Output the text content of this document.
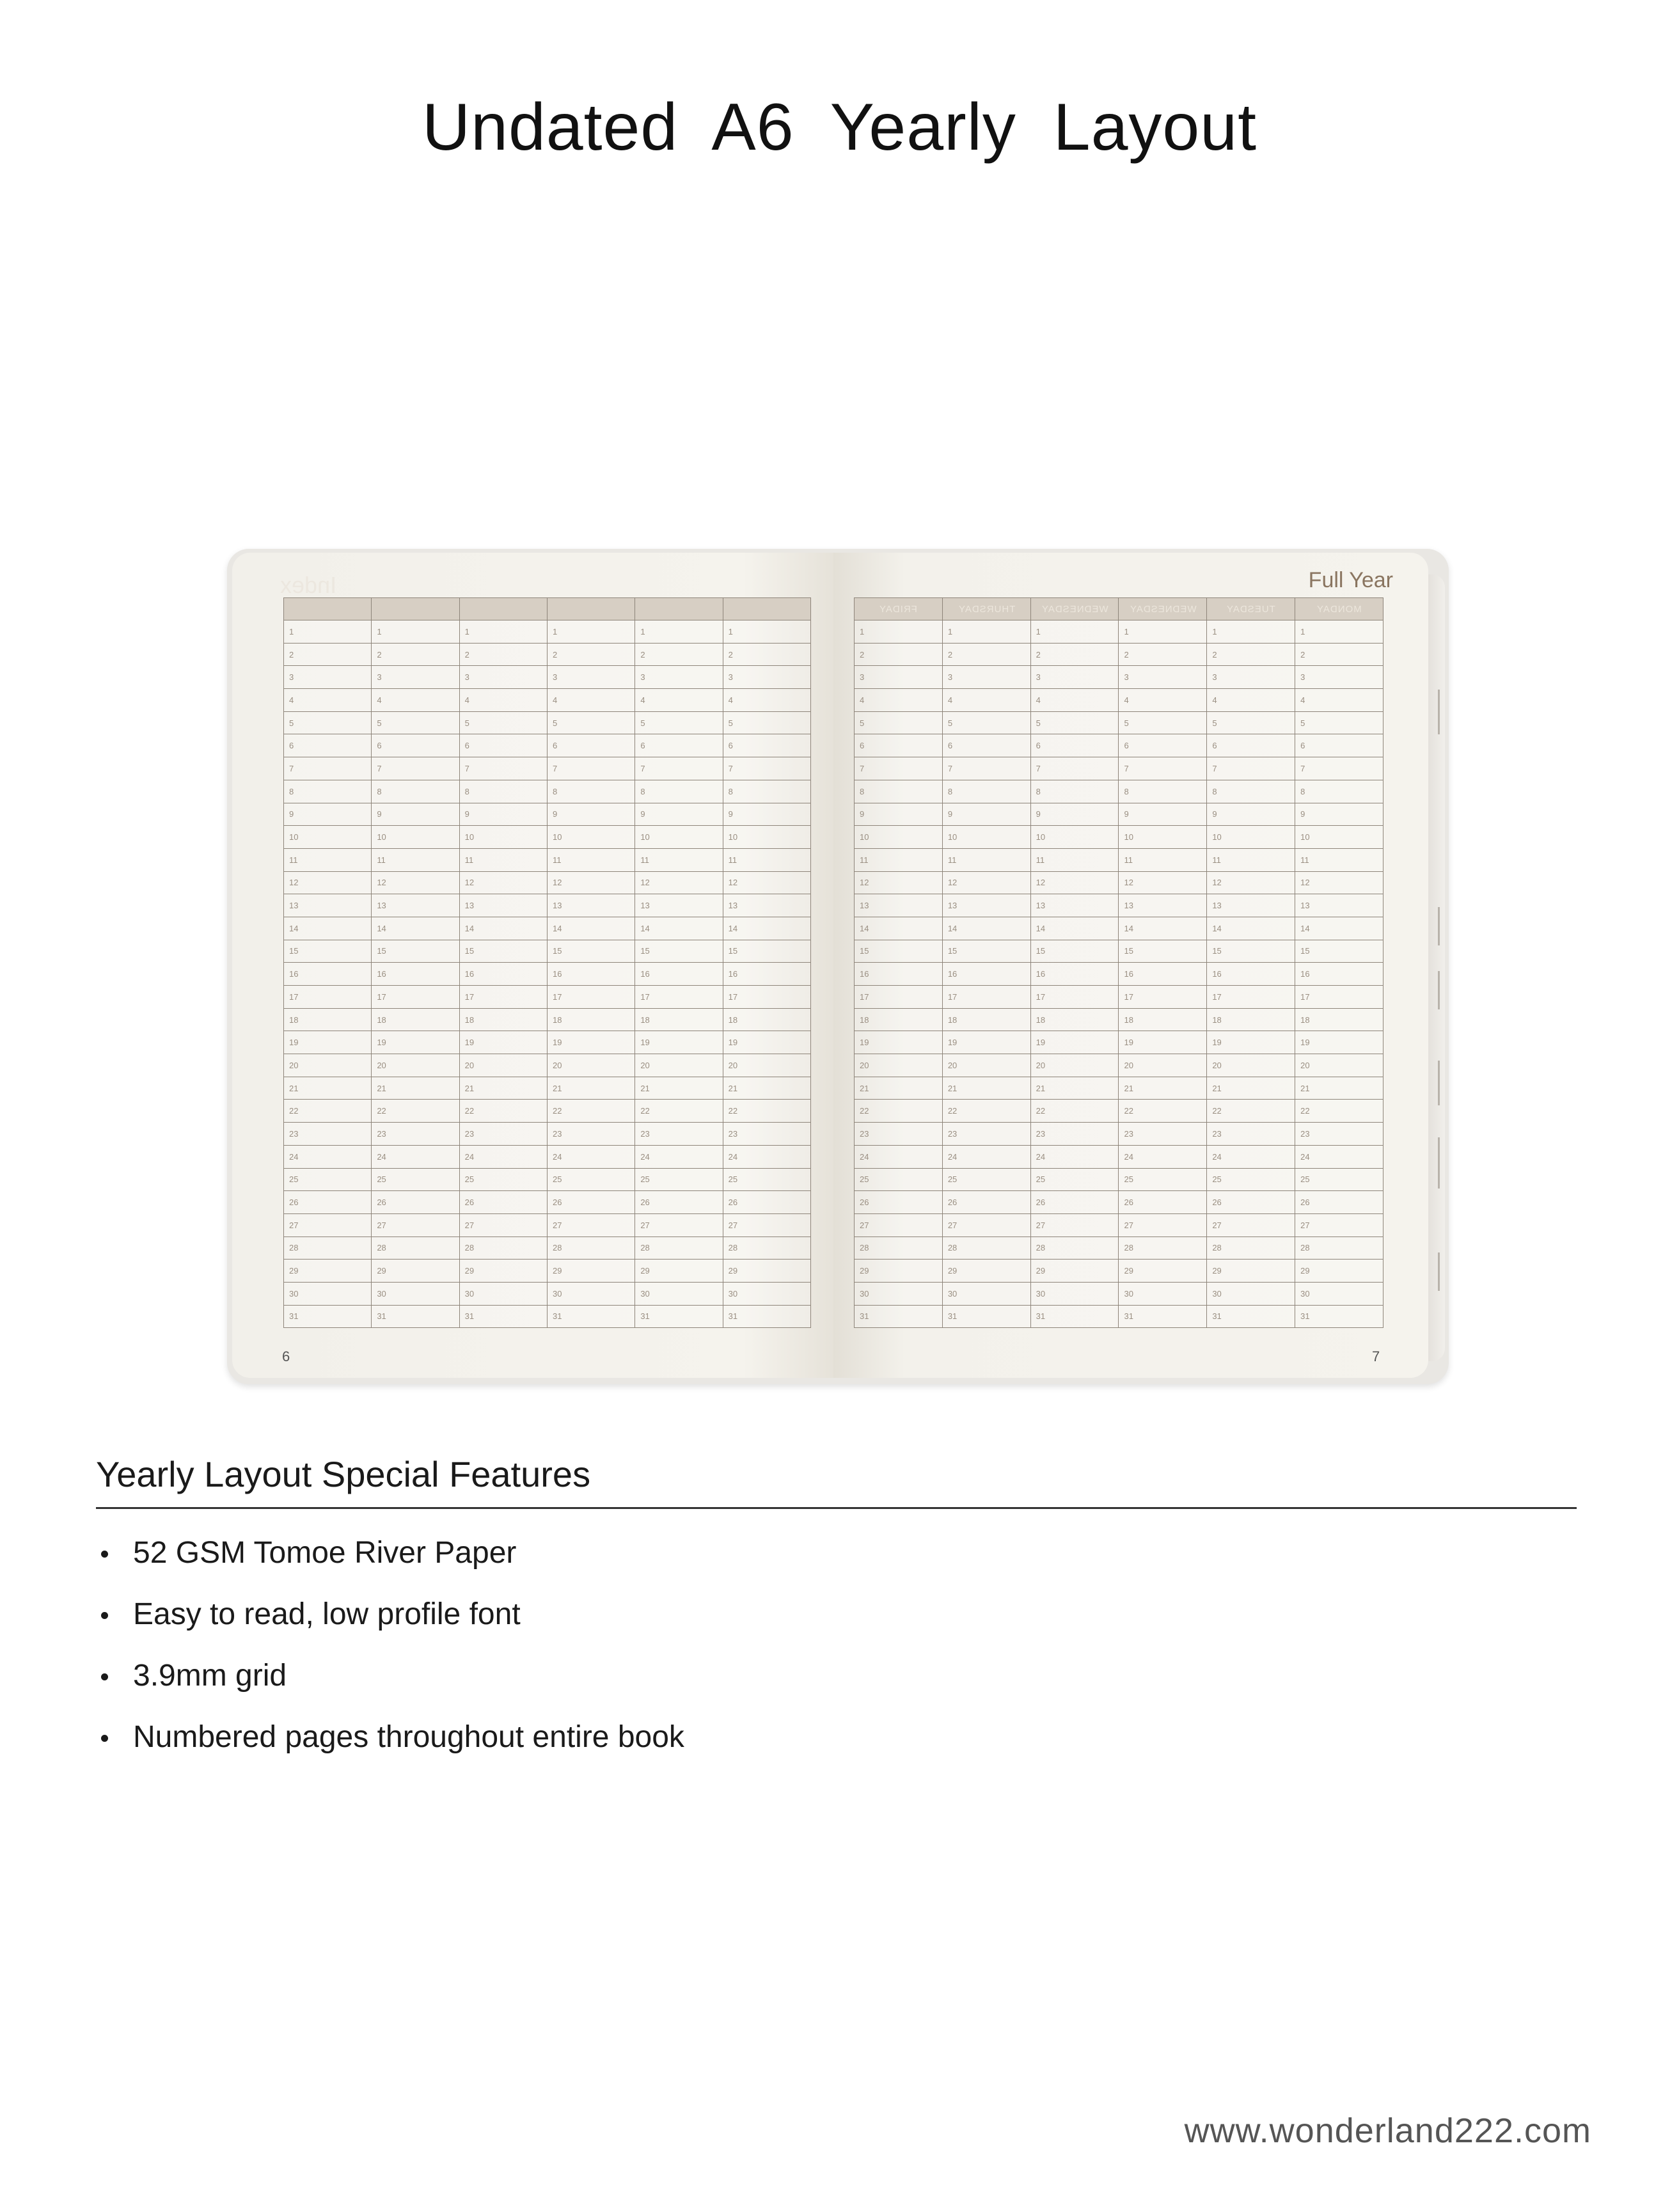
Undated A6 Yearly Layout
Index

1	1	1	1	1	1
2	2	2	2	2	2
3	3	3	3	3	3
4	4	4	4	4	4
5	5	5	5	5	5
6	6	6	6	6	6
7	7	7	7	7	7
8	8	8	8	8	8
9	9	9	9	9	9
10	10	10	10	10	10
11	11	11	11	11	11
12	12	12	12	12	12
13	13	13	13	13	13
14	14	14	14	14	14
15	15	15	15	15	15
16	16	16	16	16	16
17	17	17	17	17	17
18	18	18	18	18	18
19	19	19	19	19	19
20	20	20	20	20	20
21	21	21	21	21	21
22	22	22	22	22	22
23	23	23	23	23	23
24	24	24	24	24	24
25	25	25	25	25	25
26	26	26	26	26	26
27	27	27	27	27	27
28	28	28	28	28	28
29	29	29	29	29	29
30	30	30	30	30	30
31	31	31	31	31	31
6
Full Year
FRIDAY	THURSDAY	WEDNESDAY	WEDNESDAY	TUESDAY	MONDAY
1	1	1	1	1	1
2	2	2	2	2	2
3	3	3	3	3	3
4	4	4	4	4	4
5	5	5	5	5	5
6	6	6	6	6	6
7	7	7	7	7	7
8	8	8	8	8	8
9	9	9	9	9	9
10	10	10	10	10	10
11	11	11	11	11	11
12	12	12	12	12	12
13	13	13	13	13	13
14	14	14	14	14	14
15	15	15	15	15	15
16	16	16	16	16	16
17	17	17	17	17	17
18	18	18	18	18	18
19	19	19	19	19	19
20	20	20	20	20	20
21	21	21	21	21	21
22	22	22	22	22	22
23	23	23	23	23	23
24	24	24	24	24	24
25	25	25	25	25	25
26	26	26	26	26	26
27	27	27	27	27	27
28	28	28	28	28	28
29	29	29	29	29	29
30	30	30	30	30	30
31	31	31	31	31	31
7
Yearly Layout Special Features
52 GSM Tomoe River Paper
Easy to read, low profile font
3.9mm grid
Numbered pages throughout entire book
www.wonderland222.com
